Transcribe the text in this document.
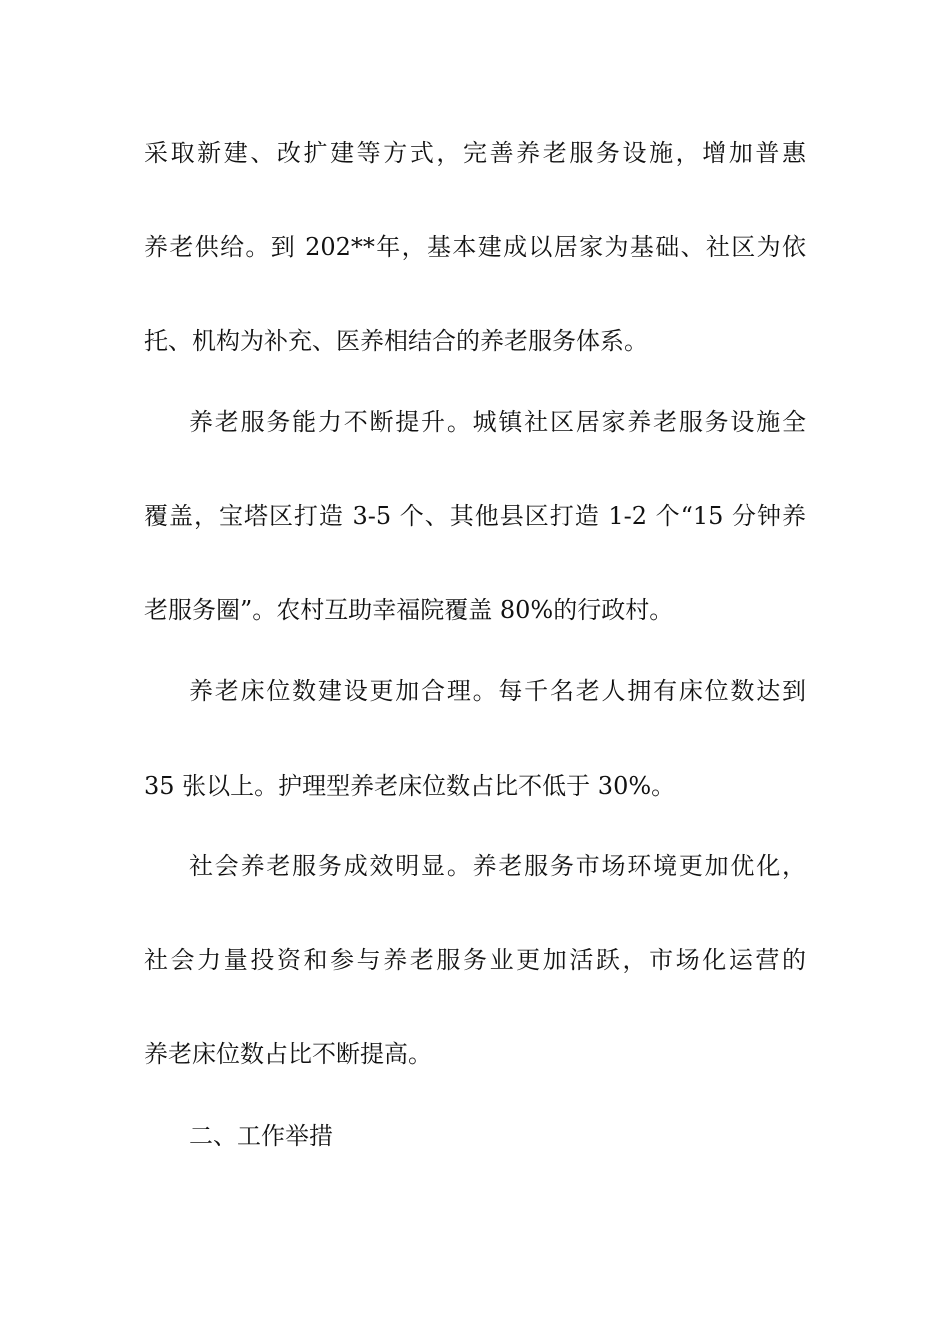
采取新建、改扩建等方式，完善养老服务设施，增加普惠
养老供给。到 202**年，基本建成以居家为基础、社区为依
托、机构为补充、医养相结合的养老服务体系。
养老服务能力不断提升。城镇社区居家养老服务设施全
覆盖，宝塔区打造 3-5 个、其他县区打造 1-2 个“15 分钟养
老服务圈”。农村互助幸福院覆盖 80%的行政村。
养老床位数建设更加合理。每千名老人拥有床位数达到
35 张以上。护理型养老床位数占比不低于 30%。
社会养老服务成效明显。养老服务市场环境更加优化，
社会力量投资和参与养老服务业更加活跃，市场化运营的
养老床位数占比不断提高。
二、工作举措
